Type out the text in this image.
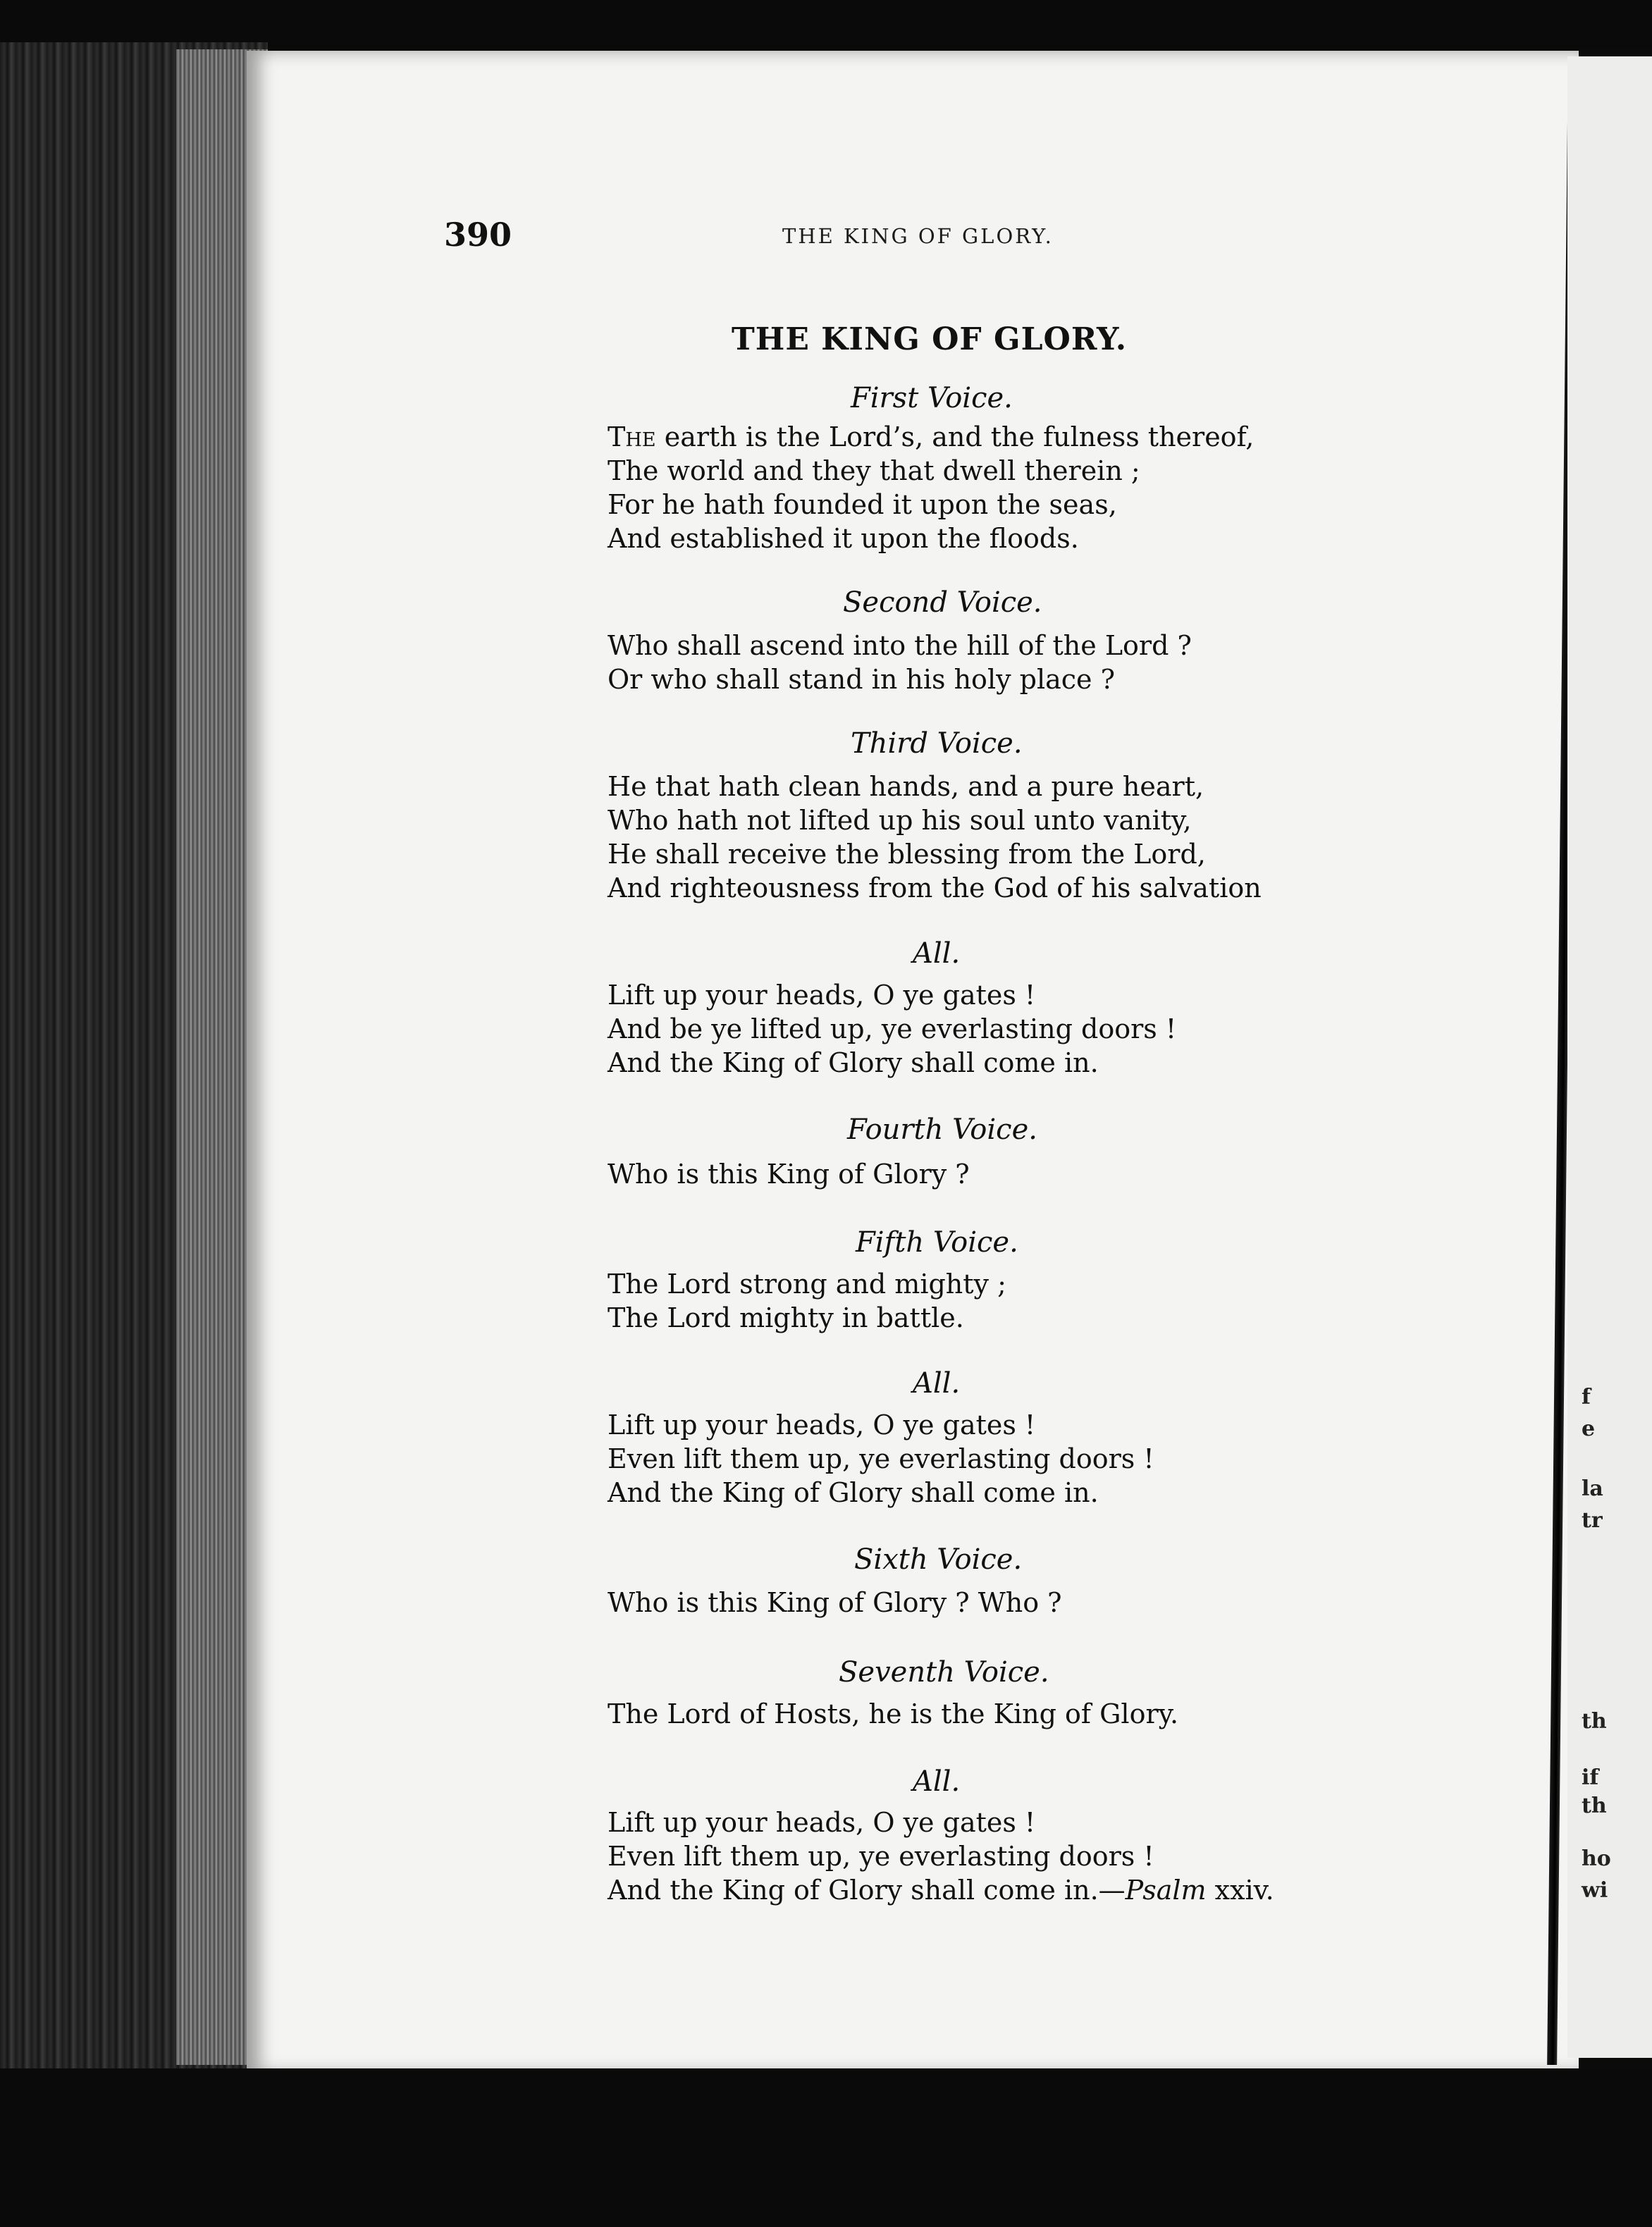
f
e
la
tr
th
if
th
ho
wi
390	THE KING OF GLORY.
THE KING OF GLORY.
First Voice.
The earth is the Lord’s, and the fulness thereof,
The world and they that dwell therein ;
For he hath founded it upon the seas,
And established it upon the floods.
Second Voice.
Who shall ascend into the hill of the Lord ?
Or who shall stand in his holy place ?
Third Voice.
He that hath clean hands, and a pure heart,
Who hath not lifted up his soul unto vanity,
He shall receive the blessing from the Lord,
And righteousness from the God of his salvation
All.
Lift up your heads, O ye gates !
And be ye lifted up, ye everlasting doors !
And the King of Glory shall come in.
Fourth Voice.
Who is this King of Glory ?
Fifth Voice.
The Lord strong and mighty ;
The Lord mighty in battle.
All.
Lift up your heads, O ye gates !
Even lift them up, ye everlasting doors !
And the King of Glory shall come in.
Sixth Voice.
Who is this King of Glory ? Who ?
Seventh Voice.
The Lord of Hosts, he is the King of Glory.
All.
Lift up your heads, O ye gates !
Even lift them up, ye everlasting doors !
And the King of Glory shall come in.—Psalm xxiv.
